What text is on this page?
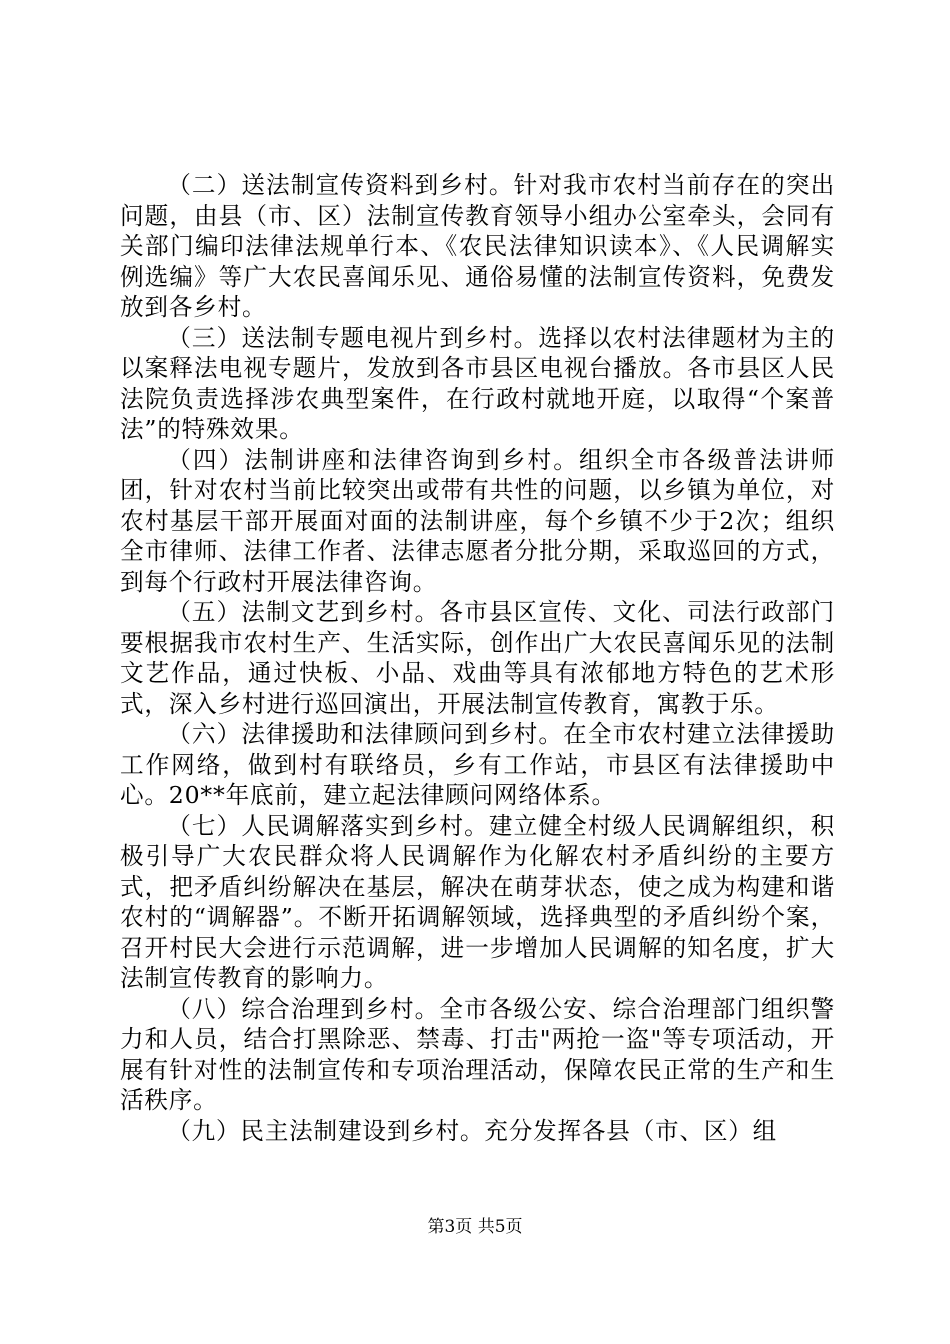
（二）送法制宣传资料到乡村。针对我市农村当前存在的突出问题，由县（市、区）法制宣传教育领导小组办公室牵头，会同有关部门编印法律法规单行本、《农民法律知识读本》、《人民调解实例选编》等广大农民喜闻乐见、通俗易懂的法制宣传资料，免费发放到各乡村。

（三）送法制专题电视片到乡村。选择以农村法律题材为主的以案释法电视专题片，发放到各市县区电视台播放。各市县区人民法院负责选择涉农典型案件，在行政村就地开庭，以取得“个案普法”的特殊效果。

（四）法制讲座和法律咨询到乡村。组织全市各级普法讲师团，针对农村当前比较突出或带有共性的问题，以乡镇为单位，对农村基层干部开展面对面的法制讲座，每个乡镇不少于2次；组织全市律师、法律工作者、法律志愿者分批分期，采取巡回的方式，到每个行政村开展法律咨询。

（五）法制文艺到乡村。各市县区宣传、文化、司法行政部门要根据我市农村生产、生活实际，创作出广大农民喜闻乐见的法制文艺作品，通过快板、小品、戏曲等具有浓郁地方特色的艺术形式，深入乡村进行巡回演出，开展法制宣传教育，寓教于乐。

（六）法律援助和法律顾问到乡村。在全市农村建立法律援助工作网络，做到村有联络员，乡有工作站，市县区有法律援助中心。20**年底前，建立起法律顾问网络体系。

（七）人民调解落实到乡村。建立健全村级人民调解组织，积极引导广大农民群众将人民调解作为化解农村矛盾纠纷的主要方式，把矛盾纠纷解决在基层，解决在萌芽状态，使之成为构建和谐农村的“调解器”。不断开拓调解领域，选择典型的矛盾纠纷个案，召开村民大会进行示范调解，进一步增加人民调解的知名度，扩大法制宣传教育的影响力。

（八）综合治理到乡村。全市各级公安、综合治理部门组织警力和人员，结合打黑除恶、禁毒、打击"两抢一盗"等专项活动，开展有针对性的法制宣传和专项治理活动，保障农民正常的生产和生活秩序。

（九）民主法制建设到乡村。充分发挥各县（市、区）组

第3页 共5页
